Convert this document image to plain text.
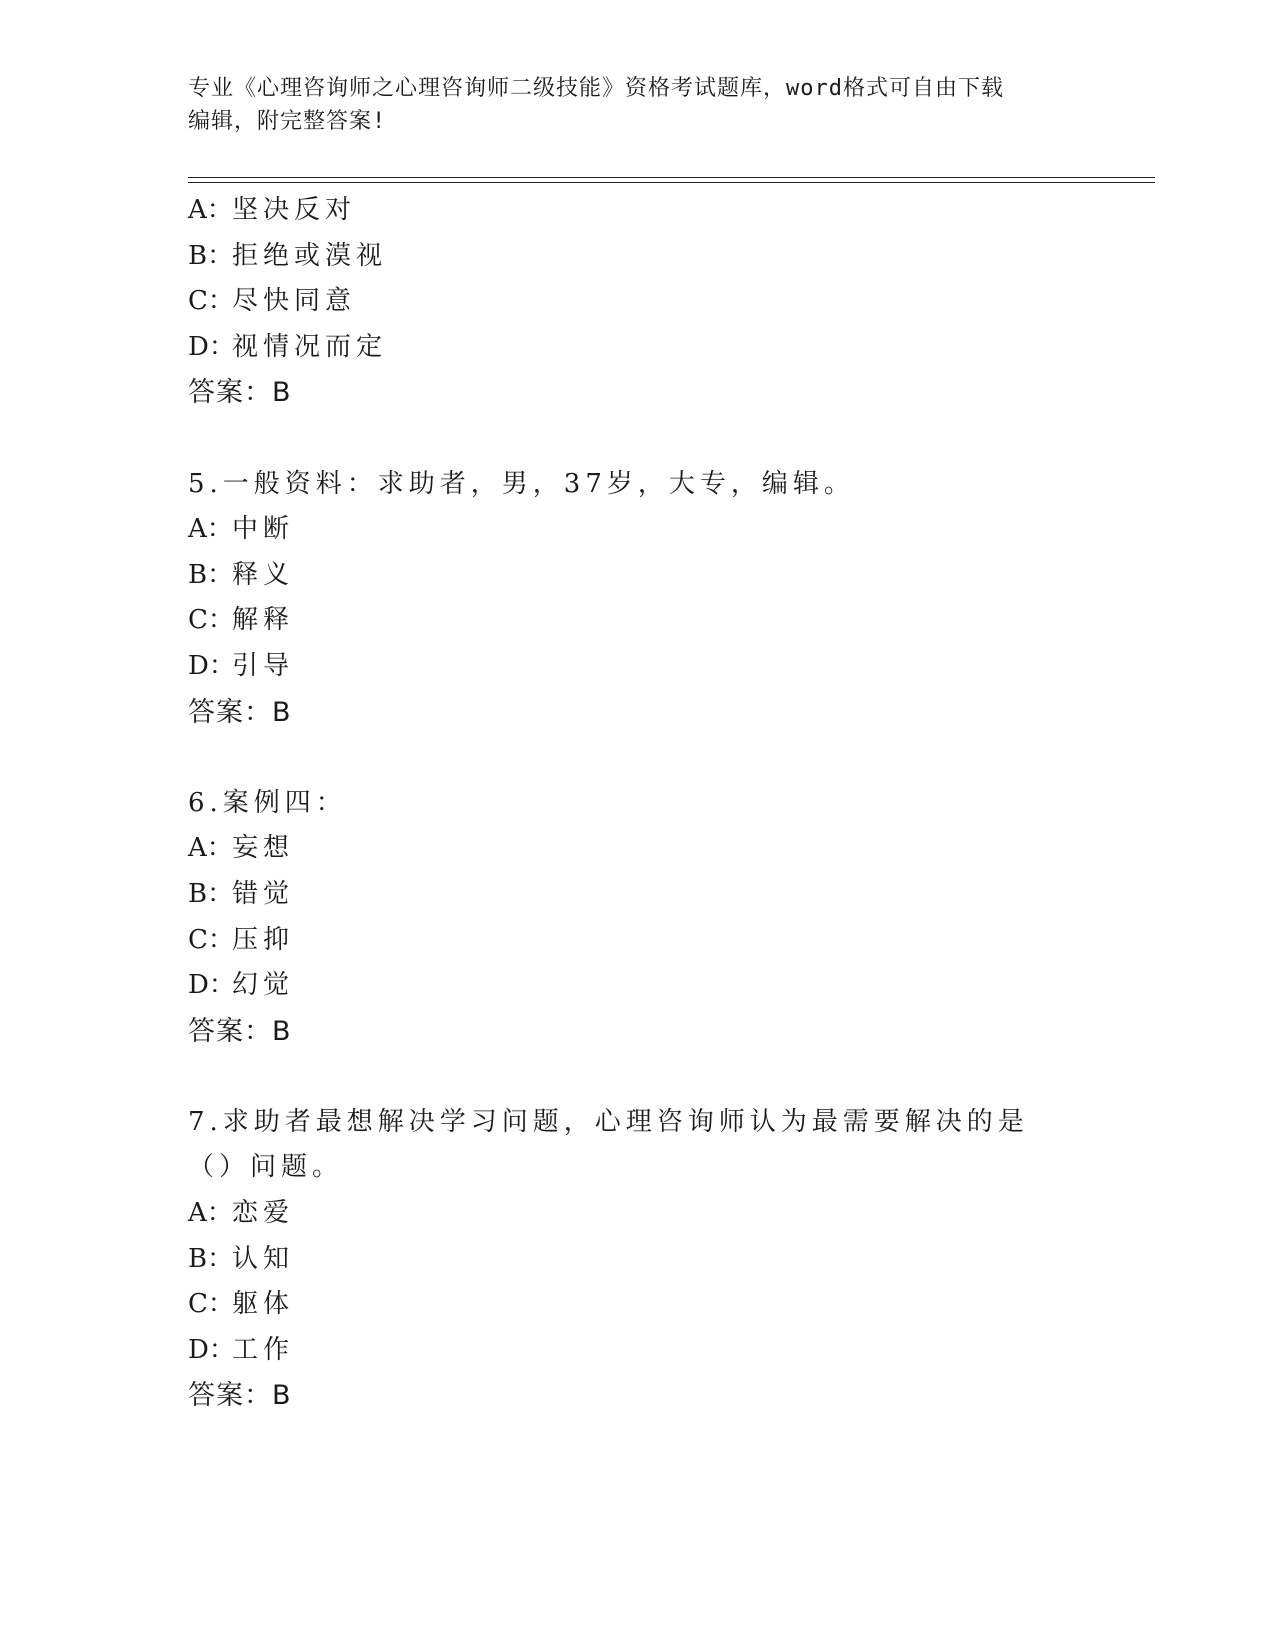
专业《心理咨询师之心理咨询师二级技能》资格考试题库，word格式可自由下载
编辑，附完整答案!
A：坚决反对
B：拒绝或漠视
C：尽快同意
D：视情况而定
答案：B
5.一般资料：求助者，男，37岁，大专，编辑。
A：中断
B：释义
C：解释
D：引导
答案：B
6.案例四：
A：妄想
B：错觉
C：压抑
D：幻觉
答案：B
7.求助者最想解决学习问题，心理咨询师认为最需要解决的是（）问题。
A：恋爱
B：认知
C：躯体
D：工作
答案：B
